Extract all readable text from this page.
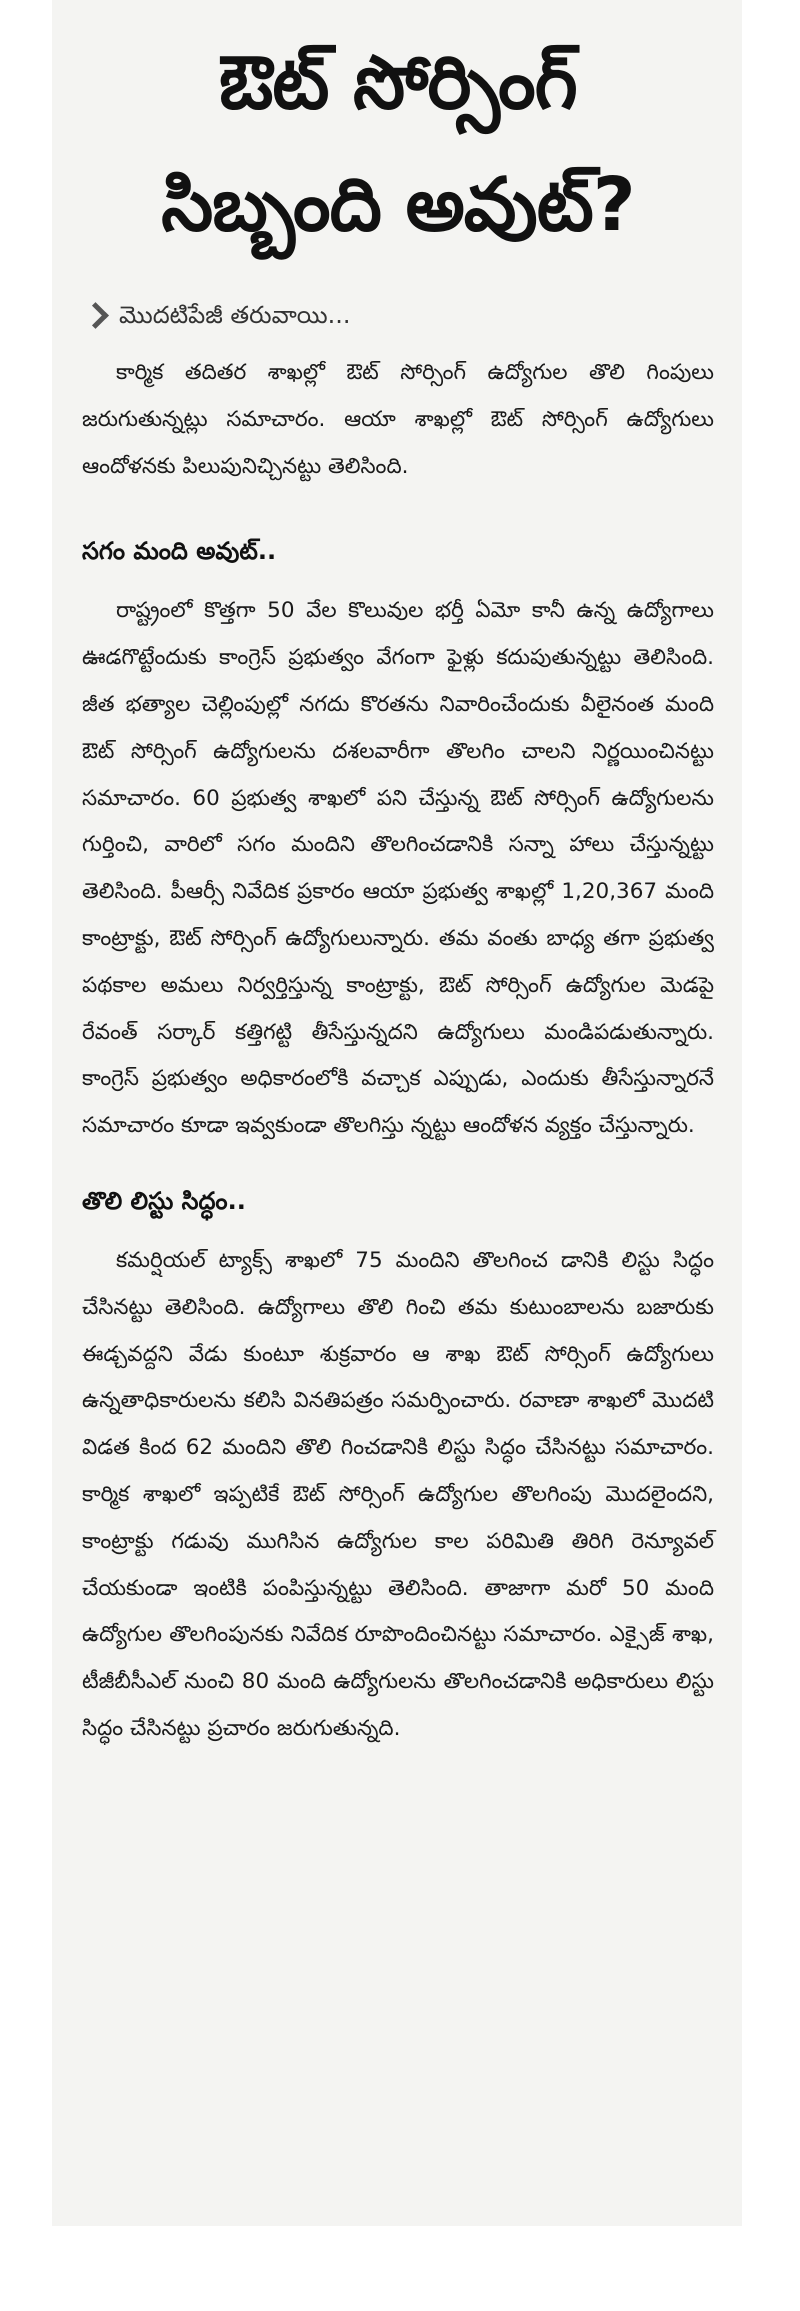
ఔట్ సోర్సింగ్
సిబ్బంది అవుట్?
మొదటిపేజీ తరువాయి...

కార్మిక తదితర శాఖల్లో ఔట్ సోర్సింగ్ ఉద్యోగుల తొలి గింపులు జరుగుతున్నట్లు సమాచారం. ఆయా శాఖల్లో ఔట్ సోర్సింగ్ ఉద్యోగులు ఆందోళనకు పిలుపునిచ్చినట్టు తెలిసింది.

సగం మంది అవుట్..

రాష్ట్రంలో కొత్తగా 50 వేల కొలువుల భర్తీ ఏమో కానీ ఉన్న ఉద్యోగాలు ఊడగొట్టేందుకు కాంగ్రెస్ ప్రభుత్వం వేగంగా ఫైళ్లు కదుపుతున్నట్టు తెలిసింది. జీత భత్యాల చెల్లింపుల్లో నగదు కొరతను నివారించేందుకు వీలైనంత మంది ఔట్ సోర్సింగ్ ఉద్యోగులను దశలవారీగా తొలగిం చాలని నిర్ణయించినట్టు సమాచారం. 60 ప్రభుత్వ శాఖలో పని చేస్తున్న ఔట్ సోర్సింగ్ ఉద్యోగులను గుర్తించి, వారిలో సగం మందిని తొలగించడానికి సన్నా హాలు చేస్తున్నట్టు తెలిసింది. పీఆర్సీ నివేదిక ప్రకారం ఆయా ప్రభుత్వ శాఖల్లో 1,20,367 మంది కాంట్రాక్టు, ఔట్ సోర్సింగ్ ఉద్యోగులున్నారు. తమ వంతు బాధ్య తగా ప్రభుత్వ పథకాల అమలు నిర్వర్తిస్తున్న కాంట్రాక్టు, ఔట్ సోర్సింగ్ ఉద్యోగుల మెడపై రేవంత్ సర్కార్ కత్తిగట్టి తీసేస్తున్నదని ఉద్యోగులు మండిపడుతున్నారు. కాంగ్రెస్ ప్రభుత్వం అధికారంలోకి వచ్చాక ఎప్పుడు, ఎందుకు తీసేస్తున్నారనే సమాచారం కూడా ఇవ్వకుండా తొలగిస్తు న్నట్టు ఆందోళన వ్యక్తం చేస్తున్నారు.

తొలి లిస్టు సిద్ధం..

కమర్షియల్ ట్యాక్స్ శాఖలో 75 మందిని తొలగించ డానికి లిస్టు సిద్ధం చేసినట్టు తెలిసింది. ఉద్యోగాలు తొలి గించి తమ కుటుంబాలను బజారుకు ఈడ్చవద్దని వేడు కుంటూ శుక్రవారం ఆ శాఖ ఔట్ సోర్సింగ్ ఉద్యోగులు ఉన్నతాధికారులను కలిసి వినతిపత్రం సమర్పించారు. రవాణా శాఖలో మొదటి విడత కింద 62 మందిని తొలి గించడానికి లిస్టు సిద్ధం చేసినట్టు సమాచారం. కార్మిక శాఖలో ఇప్పటికే ఔట్ సోర్సింగ్ ఉద్యోగుల తొలగింపు మొదలైందని, కాంట్రాక్టు గడువు ముగిసిన ఉద్యోగుల కాల పరిమితి తిరిగి రెన్యూవల్ చేయకుండా ఇంటికి పంపిస్తున్నట్టు తెలిసింది. తాజాగా మరో 50 మంది ఉద్యోగుల తొలగింపునకు నివేదిక రూపొందించినట్టు సమాచారం. ఎక్సైజ్ శాఖ, టీజీబీసీఎల్ నుంచి 80 మంది ఉద్యోగులను తొలగించడానికి అధికారులు లిస్టు సిద్ధం చేసినట్టు ప్రచారం జరుగుతున్నది.
